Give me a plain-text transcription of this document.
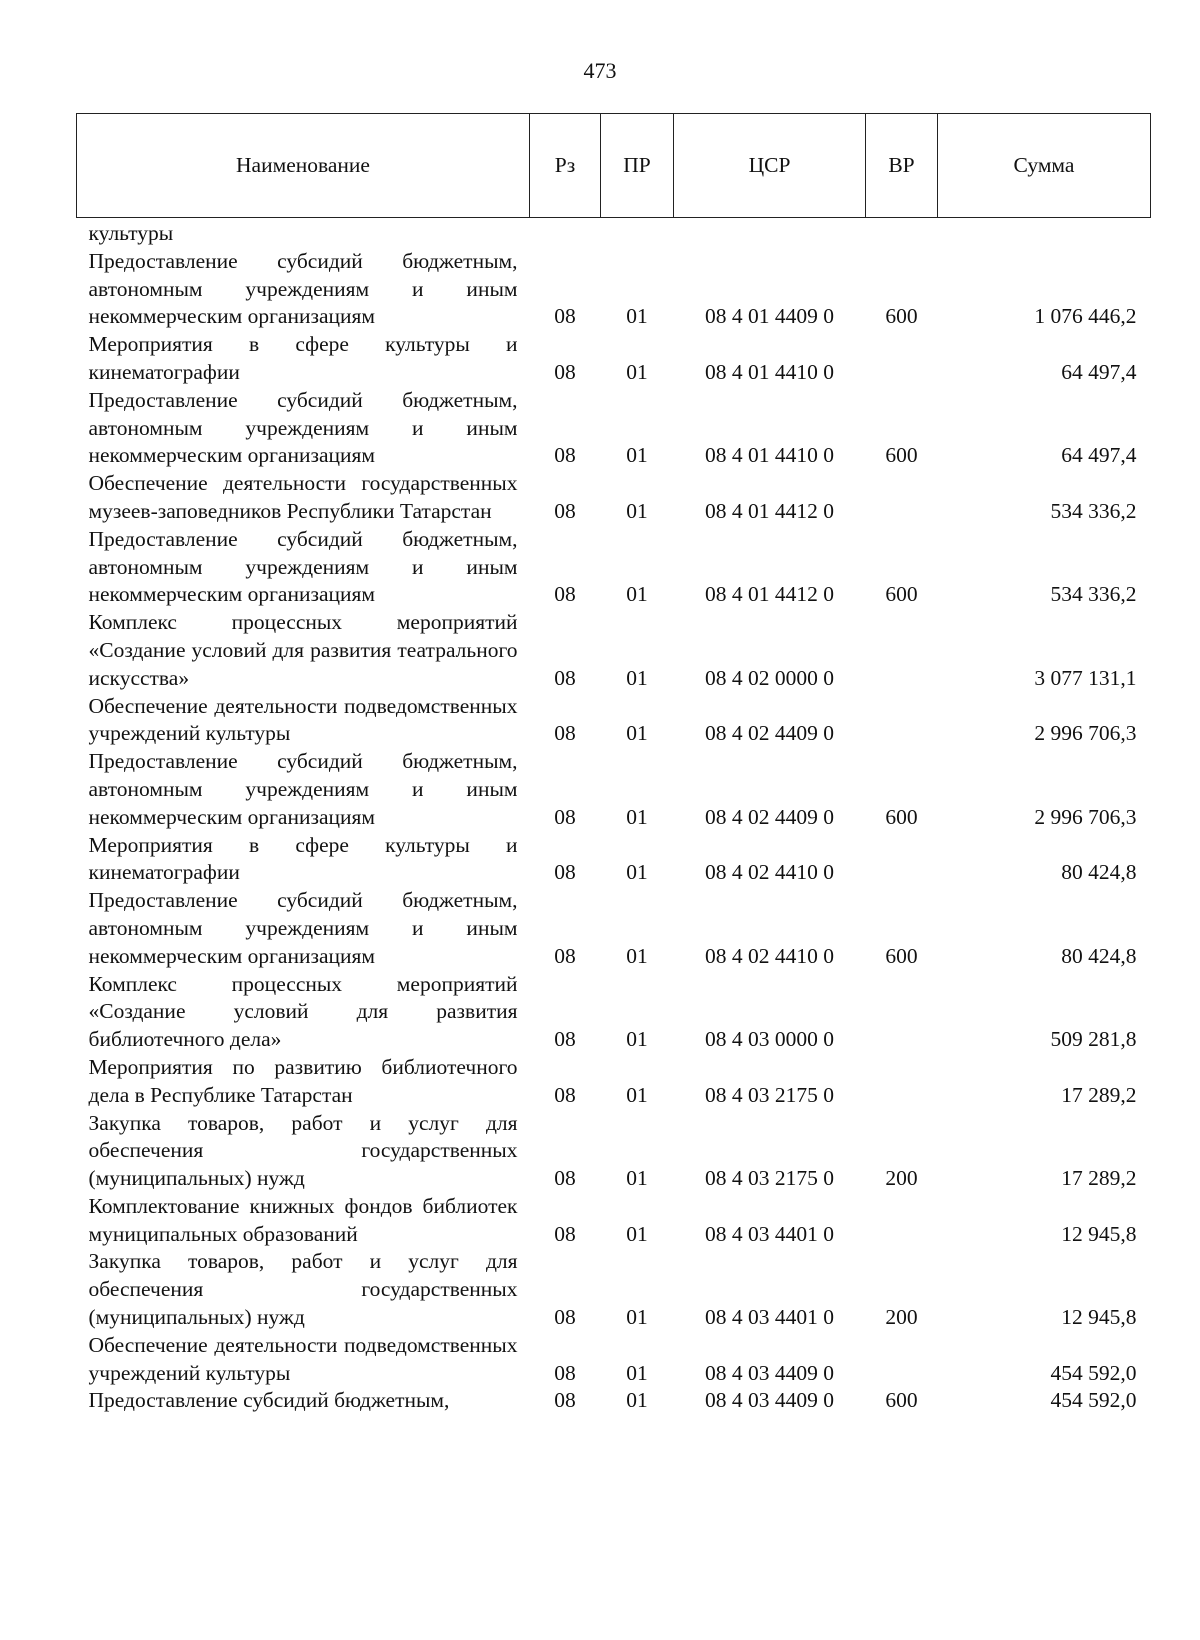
473
Наименование	Рз	ПР	ЦСР	ВР	Сумма
культуры					
Предоставление субсидий бюджетным, автономным учреждениям и иным некоммерческим организациям	08	01	08 4 01 4409 0	600	1 076 446,2
Мероприятия в сфере культуры и кинематографии	08	01	08 4 01 4410 0		64 497,4
Предоставление субсидий бюджетным, автономным учреждениям и иным некоммерческим организациям	08	01	08 4 01 4410 0	600	64 497,4
Обеспечение деятельности государственных музеев-заповедников Республики Татарстан	08	01	08 4 01 4412 0		534 336,2
Предоставление субсидий бюджетным, автономным учреждениям и иным некоммерческим организациям	08	01	08 4 01 4412 0	600	534 336,2
Комплекс процессных мероприятий «Создание условий для развития театрального искусства»	08	01	08 4 02 0000 0		3 077 131,1
Обеспечение деятельности подведомственных учреждений культуры	08	01	08 4 02 4409 0		2 996 706,3
Предоставление субсидий бюджетным, автономным учреждениям и иным некоммерческим организациям	08	01	08 4 02 4409 0	600	2 996 706,3
Мероприятия в сфере культуры и кинематографии	08	01	08 4 02 4410 0		80 424,8
Предоставление субсидий бюджетным, автономным учреждениям и иным некоммерческим организациям	08	01	08 4 02 4410 0	600	80 424,8
Комплекс процессных мероприятий «Создание условий для развития библиотечного дела»	08	01	08 4 03 0000 0		509 281,8
Мероприятия по развитию библиотечного дела в Республике Татарстан	08	01	08 4 03 2175 0		17 289,2
Закупка товаров, работ и услуг для обеспечения государственных (муниципальных) нужд	08	01	08 4 03 2175 0	200	17 289,2
Комплектование книжных фондов библиотек муниципальных образований	08	01	08 4 03 4401 0		12 945,8
Закупка товаров, работ и услуг для обеспечения государственных (муниципальных) нужд	08	01	08 4 03 4401 0	200	12 945,8
Обеспечение деятельности подведомственных учреждений культуры	08	01	08 4 03 4409 0		454 592,0
Предоставление субсидий бюджетным,	08	01	08 4 03 4409 0	600	454 592,0
